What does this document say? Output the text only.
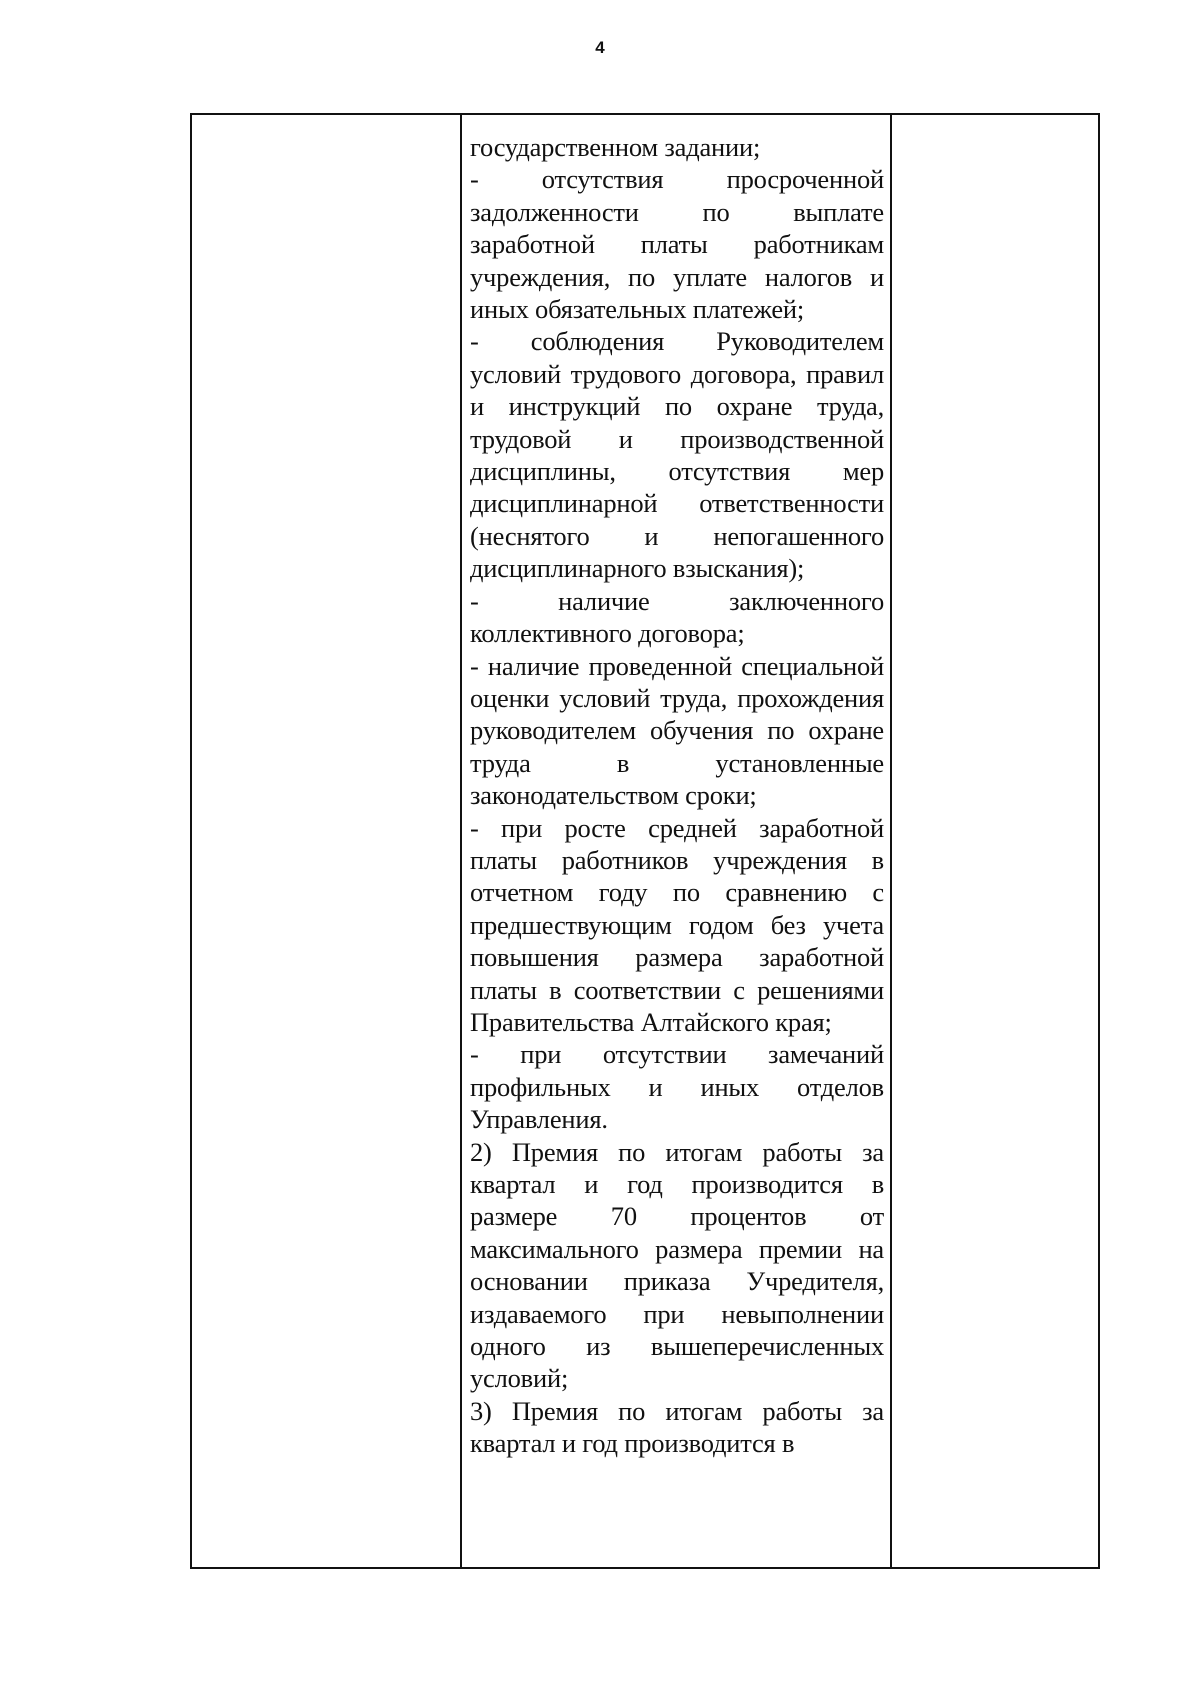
4

государственном задании;

- отсутствия просроченной задолженности по выплате заработной платы работникам учреждения, по уплате налогов и иных обязательных платежей;

- соблюдения Руководителем условий трудового договора, правил и инструкций по охране труда, трудовой и производственной дисциплины, отсутствия мер дисциплинарной ответственности (неснятого и непогашенного дисциплинарного взыскания);

- наличие заключенного коллективного договора;

- наличие проведенной специальной оценки условий труда, прохождения руководителем обучения по охране труда в установленные законодательством сроки;

- при росте средней заработной платы работников учреждения в отчетном году по сравнению с предшествующим годом без учета повышения размера заработной платы в соответствии с решениями Правительства Алтайского края;

- при отсутствии замечаний профильных и иных отделов Управления.

2) Премия по итогам работы за квартал и год производится в размере 70 процентов от максимального размера премии на основании приказа Учредителя, издаваемого при невыполнении одного из вышеперечисленных условий;

3) Премия по итогам работы за квартал и год производится в
